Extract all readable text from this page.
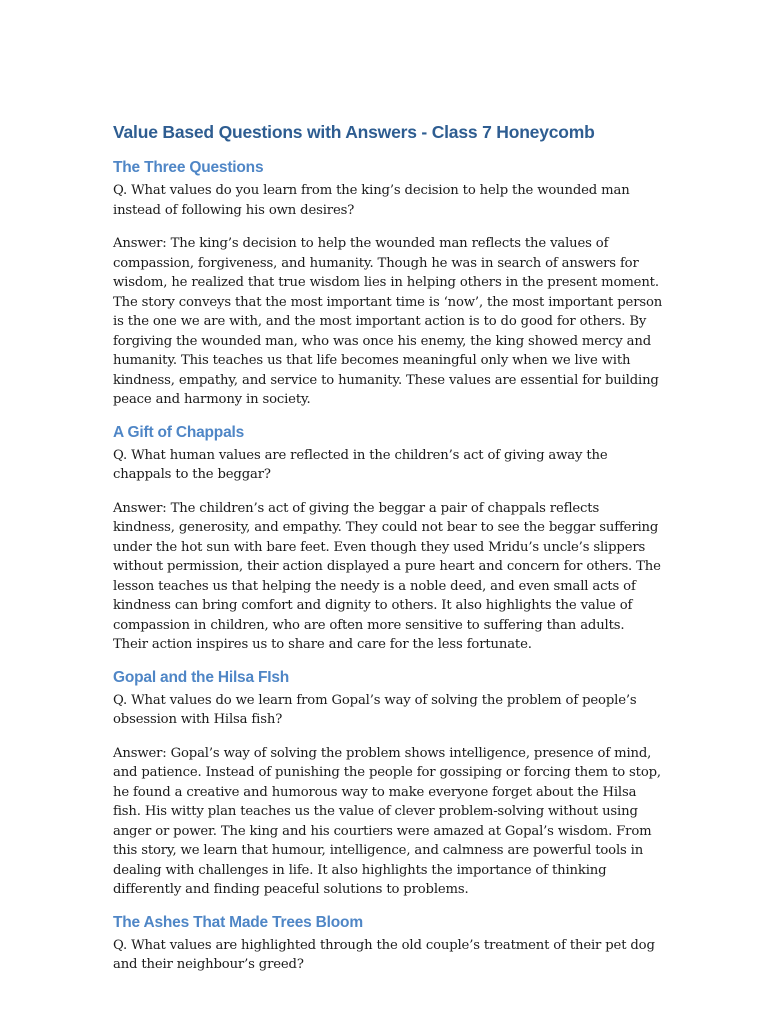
Value Based Questions with Answers - Class 7 Honeycomb
The Three Questions

Q. What values do you learn from the king’s decision to help the wounded man instead of following his own desires?

Answer: The king’s decision to help the wounded man reflects the values of compassion, forgiveness, and humanity. Though he was in search of answers for wisdom, he realized that true wisdom lies in helping others in the present moment. The story conveys that the most important time is ‘now’, the most important person is the one we are with, and the most important action is to do good for others. By forgiving the wounded man, who was once his enemy, the king showed mercy and humanity. This teaches us that life becomes meaningful only when we live with kindness, empathy, and service to humanity. These values are essential for building peace and harmony in society.

A Gift of Chappals

Q. What human values are reflected in the children’s act of giving away the chappals to the beggar?

Answer: The children’s act of giving the beggar a pair of chappals reflects kindness, generosity, and empathy. They could not bear to see the beggar suffering under the hot sun with bare feet. Even though they used Mridu’s uncle’s slippers without permission, their action displayed a pure heart and concern for others. The lesson teaches us that helping the needy is a noble deed, and even small acts of kindness can bring comfort and dignity to others. It also highlights the value of compassion in children, who are often more sensitive to suffering than adults. Their action inspires us to share and care for the less fortunate.

Gopal and the Hilsa FIsh

Q. What values do we learn from Gopal’s way of solving the problem of people’s obsession with Hilsa fish?

Answer: Gopal’s way of solving the problem shows intelligence, presence of mind, and patience. Instead of punishing the people for gossiping or forcing them to stop, he found a creative and humorous way to make everyone forget about the Hilsa fish. His witty plan teaches us the value of clever problem-solving without using anger or power. The king and his courtiers were amazed at Gopal’s wisdom. From this story, we learn that humour, intelligence, and calmness are powerful tools in dealing with challenges in life. It also highlights the importance of thinking differently and finding peaceful solutions to problems.

The Ashes That Made Trees Bloom

Q. What values are highlighted through the old couple’s treatment of their pet dog and their neighbour’s greed?
